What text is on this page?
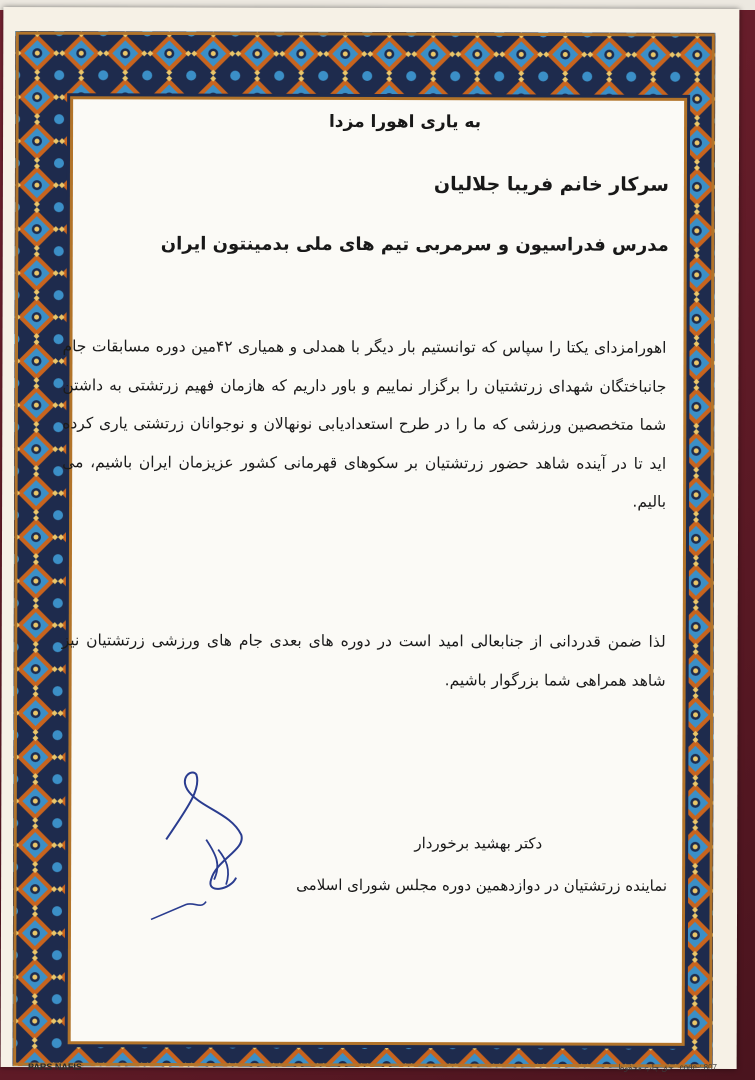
به یاری اهورا مزدا
سرکار خانم فریبا جلالیان
مدرس فدراسیون و سرمربی تیم های ملی بدمینتون ایران
اهورامزدای یکتا را سپاس که توانستیم بار دیگر با همدلی و همیاری ۴۲مین دوره مسابقات جام جانباختگان شهدای زرتشتیان را برگزار نماییم و باور داریم که هازمان فهیم زرتشتی به داشتن شما متخصصین ورزشی که ما را در طرح استعدادیابی نونهالان و نوجوانان زرتشتی یاری کرده اید تا در آینده شاهد حضور زرتشتیان بر سکوهای قهرمانی کشور عزیزمان ایران باشیم، می بالیم.
لذا ضمن قدردانی از جنابعالی امید است در دوره های بعدی جام های ورزشی زرتشتیان نیز شاهد همراهی شما بزرگوار باشیم.
دکتر بهشید برخوردار
نماینده زرتشتیان در دوازدهمین دوره مجلس شورای اسلامی
PARS NAFIS	حق چاپ محفوظ code : 807
